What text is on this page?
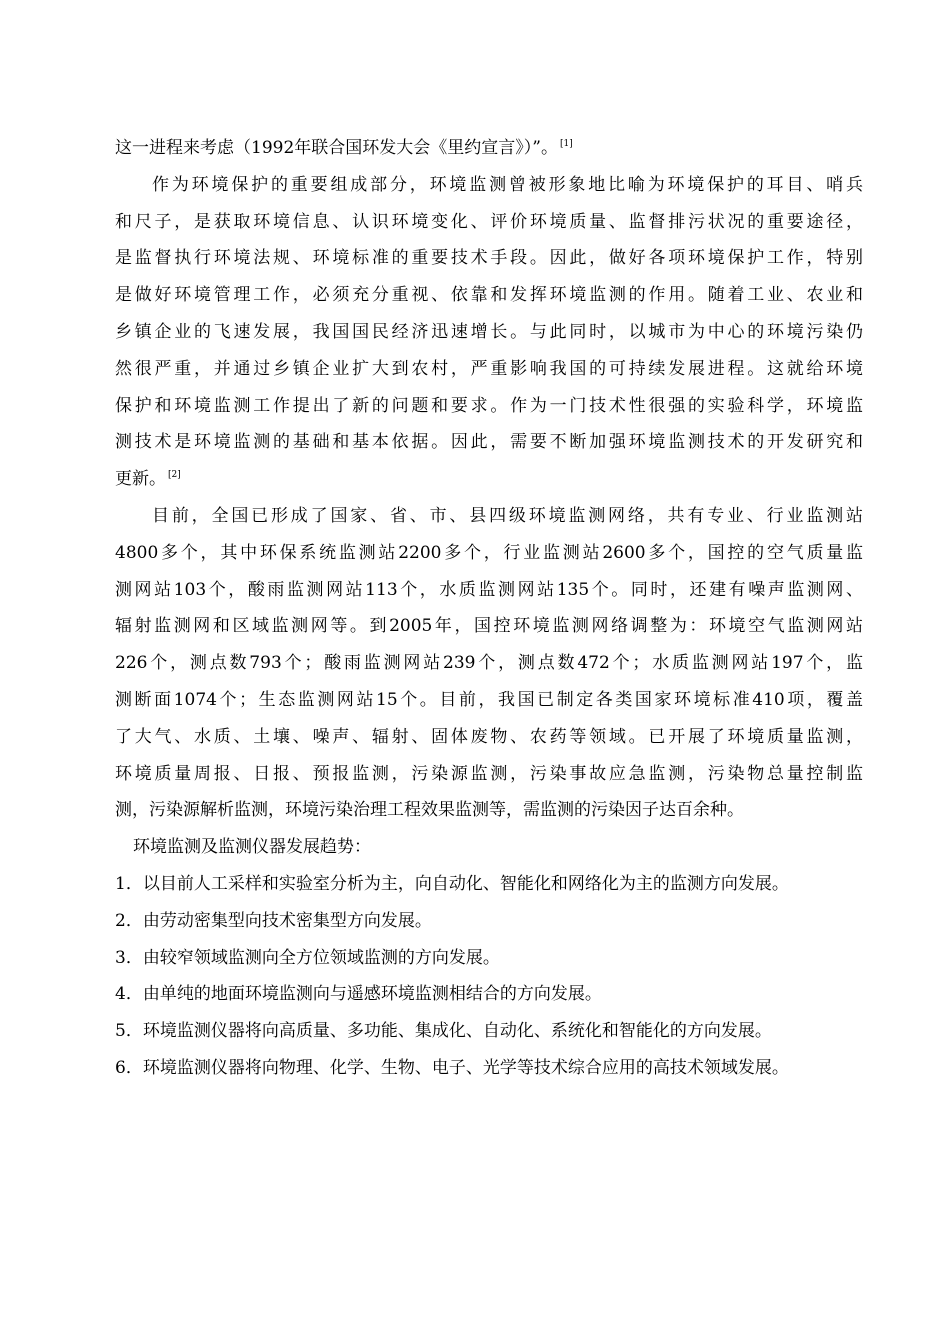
这一进程来考虑（1992年联合国环发大会《里约宣言》）”。 [1]
作为环境保护的重要组成部分，环境监测曾被形象地比喻为环境保护的耳目、哨兵
和尺子，是获取环境信息、认识环境变化、评价环境质量、监督排污状况的重要途径，
是监督执行环境法规、环境标准的重要技术手段。因此，做好各项环境保护工作，特别
是做好环境管理工作，必须充分重视、依靠和发挥环境监测的作用。随着工业、农业和
乡镇企业的飞速发展，我国国民经济迅速增长。与此同时，以城市为中心的环境污染仍
然很严重，并通过乡镇企业扩大到农村，严重影响我国的可持续发展进程。这就给环境
保护和环境监测工作提出了新的问题和要求。作为一门技术性很强的实验科学，环境监
测技术是环境监测的基础和基本依据。因此，需要不断加强环境监测技术的开发研究和
更新。 [2]
目前，全国已形成了国家、省、市、县四级环境监测网络，共有专业、行业监测站
4800多个，其中环保系统监测站2200多个，行业监测站2600多个，国控的空气质量监
测网站103个，酸雨监测网站113个，水质监测网站135个。同时，还建有噪声监测网、
辐射监测网和区域监测网等。到2005年，国控环境监测网络调整为：环境空气监测网站
226个，测点数793个；酸雨监测网站239个，测点数472个；水质监测网站197个，监
测断面1074个；生态监测网站15个。目前，我国已制定各类国家环境标准410项，覆盖
了大气、水质、土壤、噪声、辐射、固体废物、农药等领域。已开展了环境质量监测，
环境质量周报、日报、预报监测，污染源监测，污染事故应急监测，污染物总量控制监
测，污染源解析监测，环境污染治理工程效果监测等，需监测的污染因子达百余种。
环境监测及监测仪器发展趋势：
1．以目前人工采样和实验室分析为主，向自动化、智能化和网络化为主的监测方向发展。
2．由劳动密集型向技术密集型方向发展。
3．由较窄领域监测向全方位领域监测的方向发展。
4．由单纯的地面环境监测向与遥感环境监测相结合的方向发展。
5．环境监测仪器将向高质量、多功能、集成化、自动化、系统化和智能化的方向发展。
6．环境监测仪器将向物理、化学、生物、电子、光学等技术综合应用的高技术领域发展。
